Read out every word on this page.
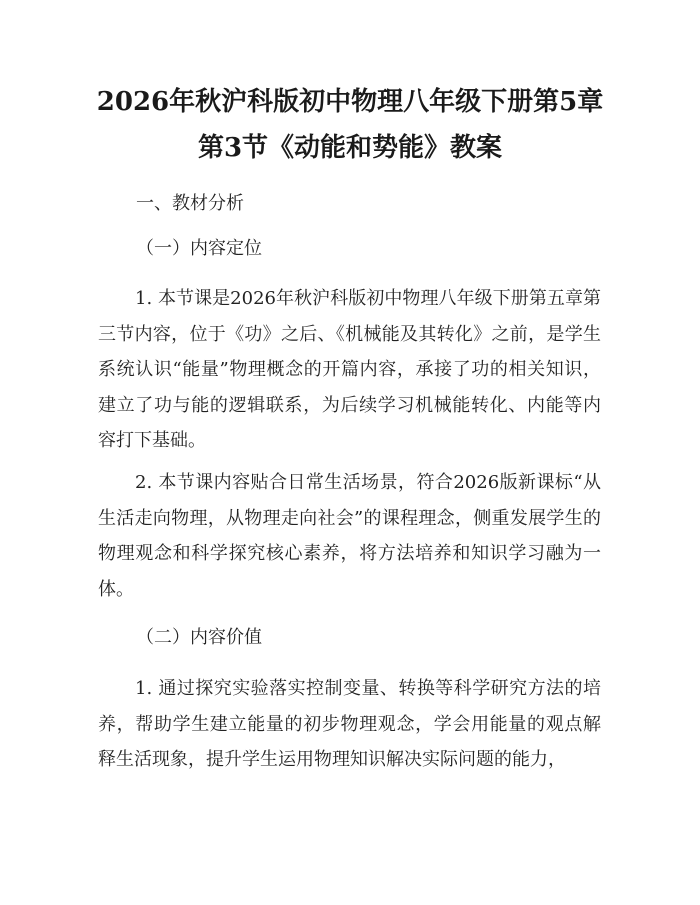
2026年秋沪科版初中物理八年级下册第5章
第3节《动能和势能》教案

一、教材分析

（一）内容定位

1. 本节课是2026年秋沪科版初中物理八年级下册第五章第三节内容，位于《功》之后、《机械能及其转化》之前，是学生系统认识“能量”物理概念的开篇内容，承接了功的相关知识，建立了功与能的逻辑联系，为后续学习机械能转化、内能等内容打下基础。

2. 本节课内容贴合日常生活场景，符合2026版新课标“从生活走向物理，从物理走向社会”的课程理念，侧重发展学生的物理观念和科学探究核心素养，将方法培养和知识学习融为一体。

（二）内容价值

1. 通过探究实验落实控制变量、转换等科学研究方法的培养，帮助学生建立能量的初步物理观念，学会用能量的观点解释生活现象，提升学生运用物理知识解决实际问题的能力，
